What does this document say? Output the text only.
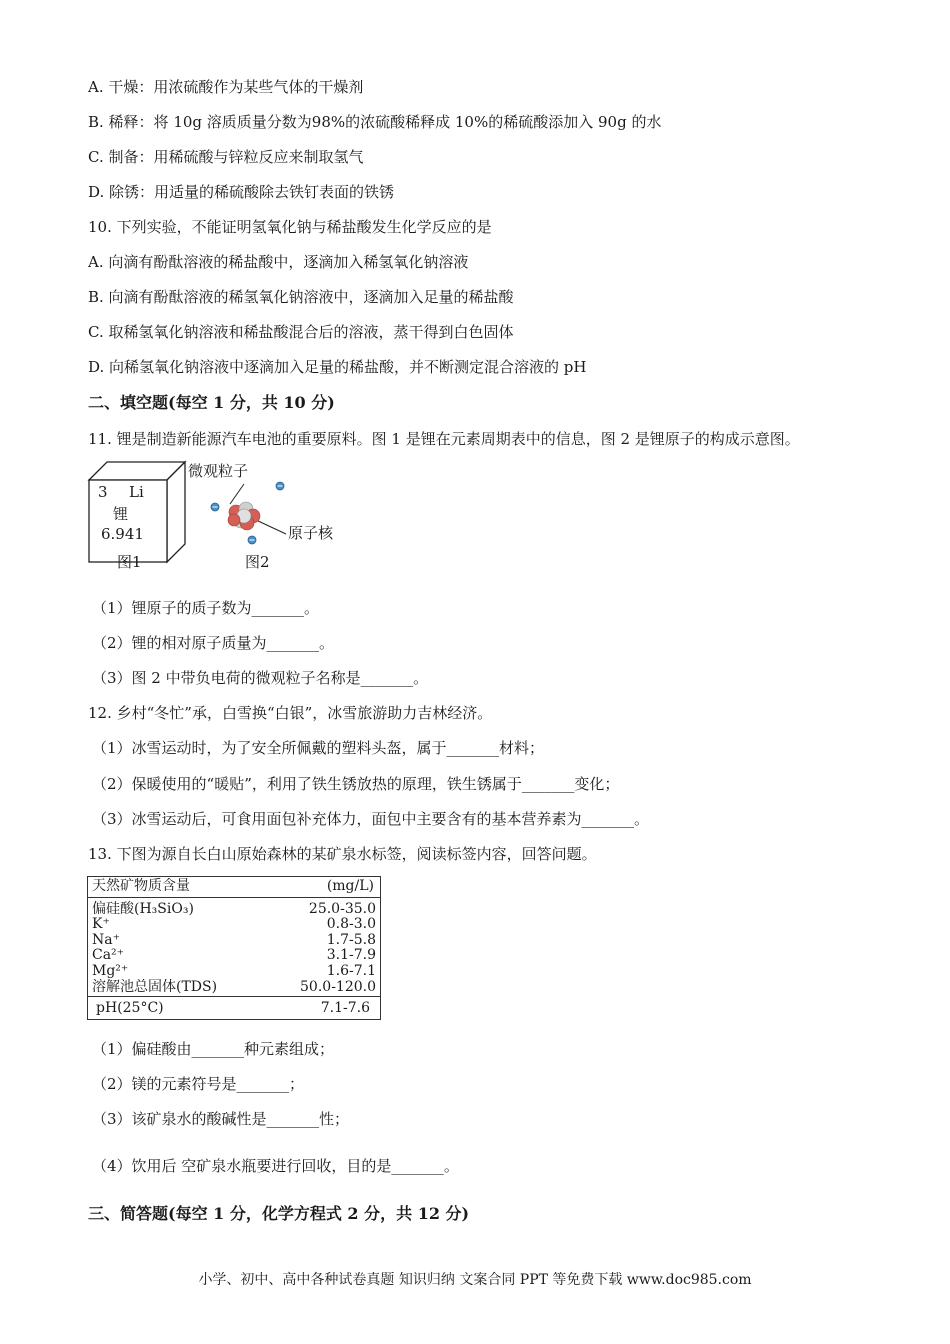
A. 干燥：用浓硫酸作为某些气体的干燥剂
B. 稀释：将 10g 溶质质量分数为98%的浓硫酸稀释成 10%的稀硫酸添加入 90g 的水
C. 制备：用稀硫酸与锌粒反应来制取氢气
D. 除锈：用适量的稀硫酸除去铁钉表面的铁锈
10. 下列实验，不能证明氢氧化钠与稀盐酸发生化学反应的是
A. 向滴有酚酞溶液的稀盐酸中，逐滴加入稀氢氧化钠溶液
B. 向滴有酚酞溶液的稀氢氧化钠溶液中，逐滴加入足量的稀盐酸
C. 取稀氢氧化钠溶液和稀盐酸混合后的溶液，蒸干得到白色固体
D. 向稀氢氧化钠溶液中逐滴加入足量的稀盐酸，并不断测定混合溶液的 pH
二、填空题(每空 1 分，共 10 分)
11. 锂是制造新能源汽车电池的重要原料。图 1 是锂在元素周期表中的信息，图 2 是锂原子的构成示意图。
3 Li
锂
6.941
图1
微观粒子
原子核
图2
（1）锂原子的质子数为_______。
（2）锂的相对原子质量为_______。
（3）图 2 中带负电荷的微观粒子名称是_______。
12. 乡村“冬忙”承，白雪换“白银”，冰雪旅游助力吉林经济。
（1）冰雪运动时，为了安全所佩戴的塑料头盔，属于_______材料；
（2）保暖使用的“暖贴”，利用了铁生锈放热的原理，铁生锈属于_______变化；
（3）冰雪运动后，可食用面包补充体力，面包中主要含有的基本营养素为_______。
13. 下图为源自长白山原始森林的某矿泉水标签，阅读标签内容，回答问题。
天然矿物质含量	(mg/L)
偏硅酸(H₃SiO₃)	25.0-35.0
K⁺	0.8-3.0
Na⁺	1.7-5.8
Ca²⁺	3.1-7.9
Mg²⁺	1.6-7.1
溶解池总固体(TDS)	50.0-120.0
pH(25°C)	7.1-7.6
（1）偏硅酸由_______种元素组成；
（2）镁的元素符号是_______；
（3）该矿泉水的酸碱性是_______性；
（4）饮用后 空矿泉水瓶要进行回收，目的是_______。
三、简答题(每空 1 分，化学方程式 2 分，共 12 分)
小学、初中、高中各种试卷真题 知识归纳 文案合同 PPT 等免费下载 www.doc985.com
